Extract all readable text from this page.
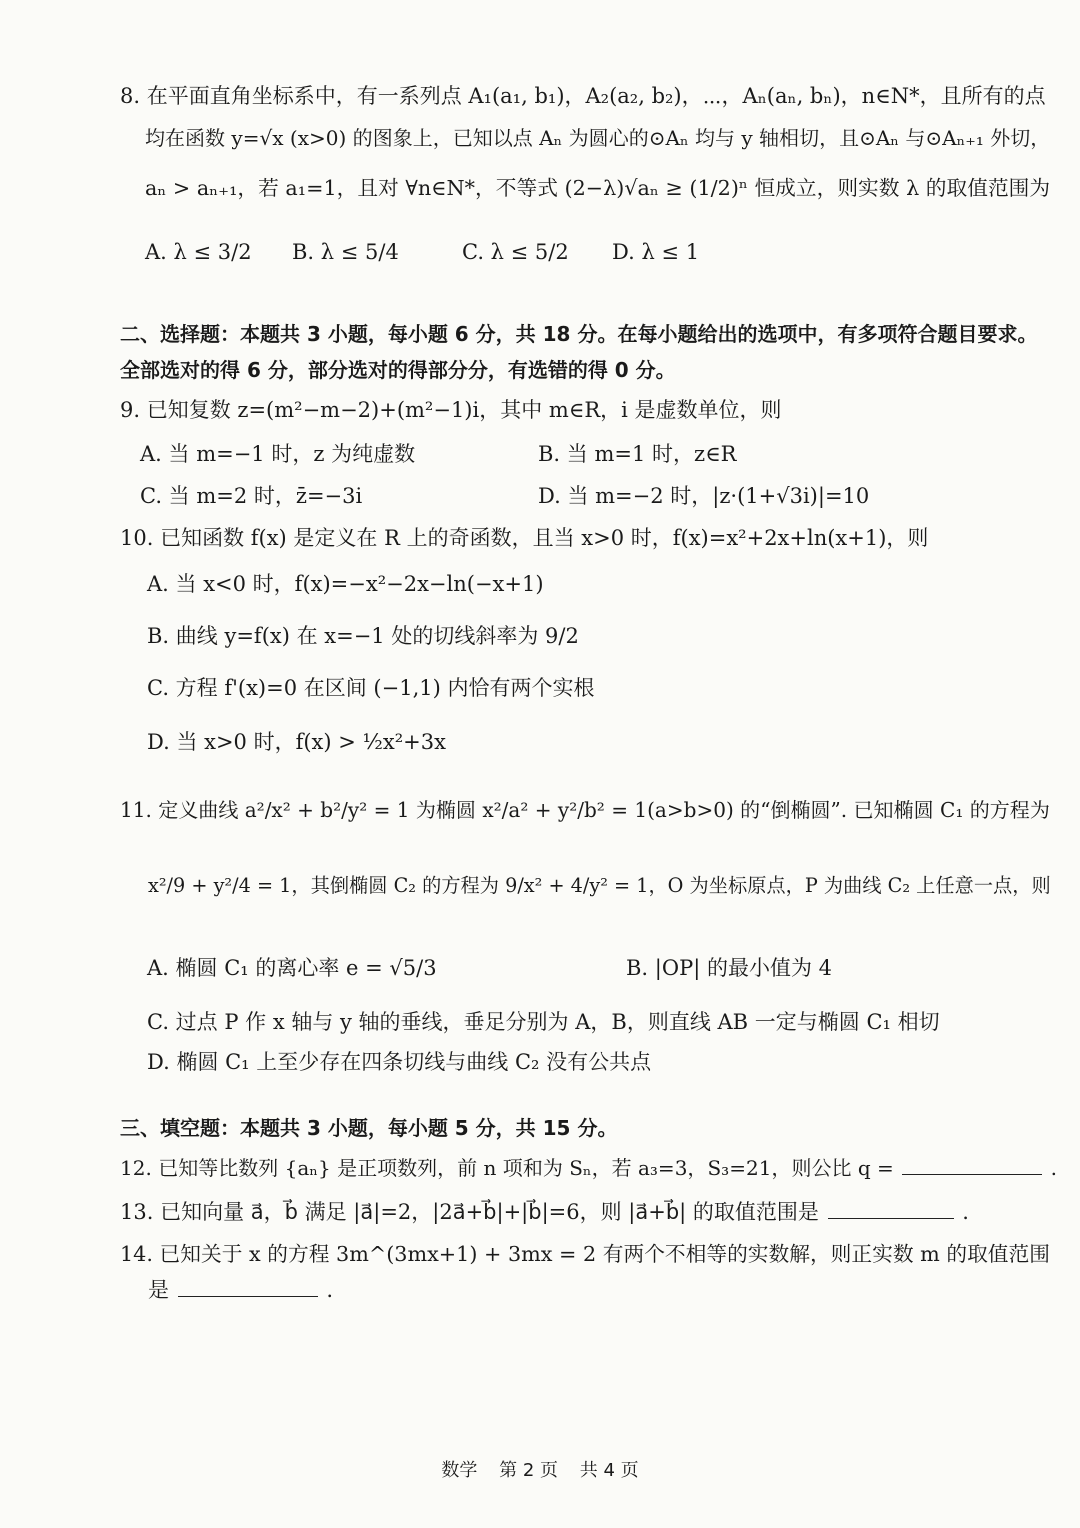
8. 在平面直角坐标系中，有一系列点 A₁(a₁, b₁)，A₂(a₂, b₂)，⋯，Aₙ(aₙ, bₙ)，n∈N*，且所有的点
均在函数 y=√x (x>0) 的图象上，已知以点 Aₙ 为圆心的⊙Aₙ 均与 y 轴相切，且⊙Aₙ 与⊙Aₙ₊₁ 外切，
aₙ > aₙ₊₁，若 a₁=1，且对 ∀n∈N*，不等式 (2−λ)√aₙ ≥ (1/2)ⁿ 恒成立，则实数 λ 的取值范围为
A. λ ≤ 3/2 B. λ ≤ 5/4	C. λ ≤ 5/2 D. λ ≤ 1
二、选择题：本题共 3 小题，每小题 6 分，共 18 分。在每小题给出的选项中，有多项符合题目要求。
全部选对的得 6 分，部分选对的得部分分，有选错的得 0 分。
9. 已知复数 z=(m²−m−2)+(m²−1)i，其中 m∈R，i 是虚数单位，则
A. 当 m=−1 时，z 为纯虚数	B. 当 m=1 时，z∈R
C. 当 m=2 时，z̄=−3i	D. 当 m=−2 时，|z·(1+√3i)|=10
10. 已知函数 f(x) 是定义在 R 上的奇函数，且当 x>0 时，f(x)=x²+2x+ln(x+1)，则
A. 当 x<0 时，f(x)=−x²−2x−ln(−x+1)
B. 曲线 y=f(x) 在 x=−1 处的切线斜率为 9/2
C. 方程 f'(x)=0 在区间 (−1,1) 内恰有两个实根
D. 当 x>0 时，f(x) > ½x²+3x
11. 定义曲线 a²/x² + b²/y² = 1 为椭圆 x²/a² + y²/b² = 1(a>b>0) 的“倒椭圆”. 已知椭圆 C₁ 的方程为
x²/9 + y²/4 = 1，其倒椭圆 C₂ 的方程为 9/x² + 4/y² = 1，O 为坐标原点，P 为曲线 C₂ 上任意一点，则
A. 椭圆 C₁ 的离心率 e = √5/3	B. |OP| 的最小值为 4
C. 过点 P 作 x 轴与 y 轴的垂线，垂足分别为 A，B，则直线 AB 一定与椭圆 C₁ 相切
D. 椭圆 C₁ 上至少存在四条切线与曲线 C₂ 没有公共点
三、填空题：本题共 3 小题，每小题 5 分，共 15 分。
12. 已知等比数列 {aₙ} 是正项数列，前 n 项和为 Sₙ，若 a₃=3，S₃=21，则公比 q =	.
13. 已知向量 a⃗，b⃗ 满足 |a⃗|=2，|2a⃗+b⃗|+|b⃗|=6，则 |a⃗+b⃗| 的取值范围是	.
14. 已知关于 x 的方程 3m^(3mx+1) + 3mx = 2 有两个不相等的实数解，则正实数 m 的取值范围
是	.
数学 第 2 页 共 4 页
